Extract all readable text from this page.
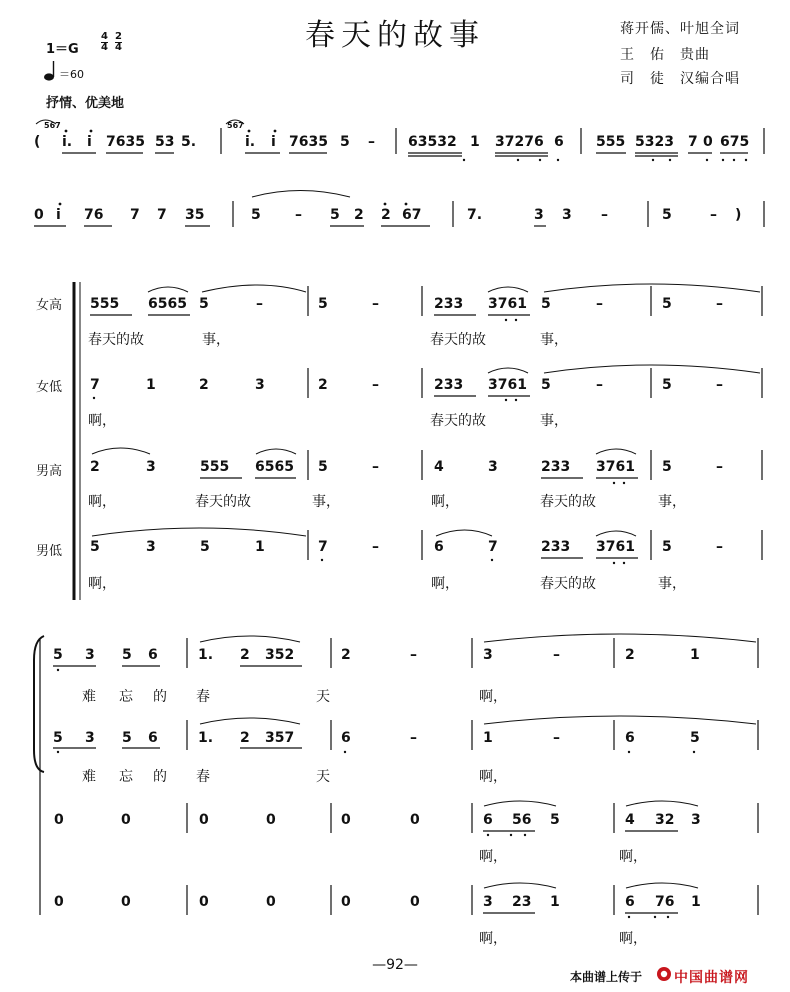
春天的故事	蒋开儒、叶旭全词
王　佑　贵曲
司　徒　汉编合唱
1＝G
4
4
2
4
＝60
抒情、优美地
(
567
i. i 7635 53 5.
567
i. i 7635 5 – 63532 1 37276 6 555 5323 7 0 675
0 i 76 7 7 35	5 – 5 2 2 67	7.	3 3 –	5	– )
女高
女低
男高
男低
555 6565 5	–	5	–	233 3761 5	–	5	–
春天的故	事，	春天的故	事，
7	1	2	3	2	–	233 3761 5	–	5	–
啊，	春天的故	事，
2	3	555 6565 5	–	4	3	233 3761 5	–
啊，	春天的故	事，	啊，	春天的故	事，
5	3	5	1	7	–	6	7	233 3761 5	–
啊，	啊，	春天的故	事，
5 3 5 6	1. 2 352	2	–	3	–	2	1
难 忘 的 春	天	啊，
5 3 5 6	1. 2 357	6	–	1	–	6	5
难 忘 的 春	天	啊，
0	0	0	0	0	0	6 56 5	4 32 3
啊，	啊，
0	0	0	0	0	0	3 23 1	6 76 1
啊，	啊，
—92—
本曲谱上传于 中国曲谱网
